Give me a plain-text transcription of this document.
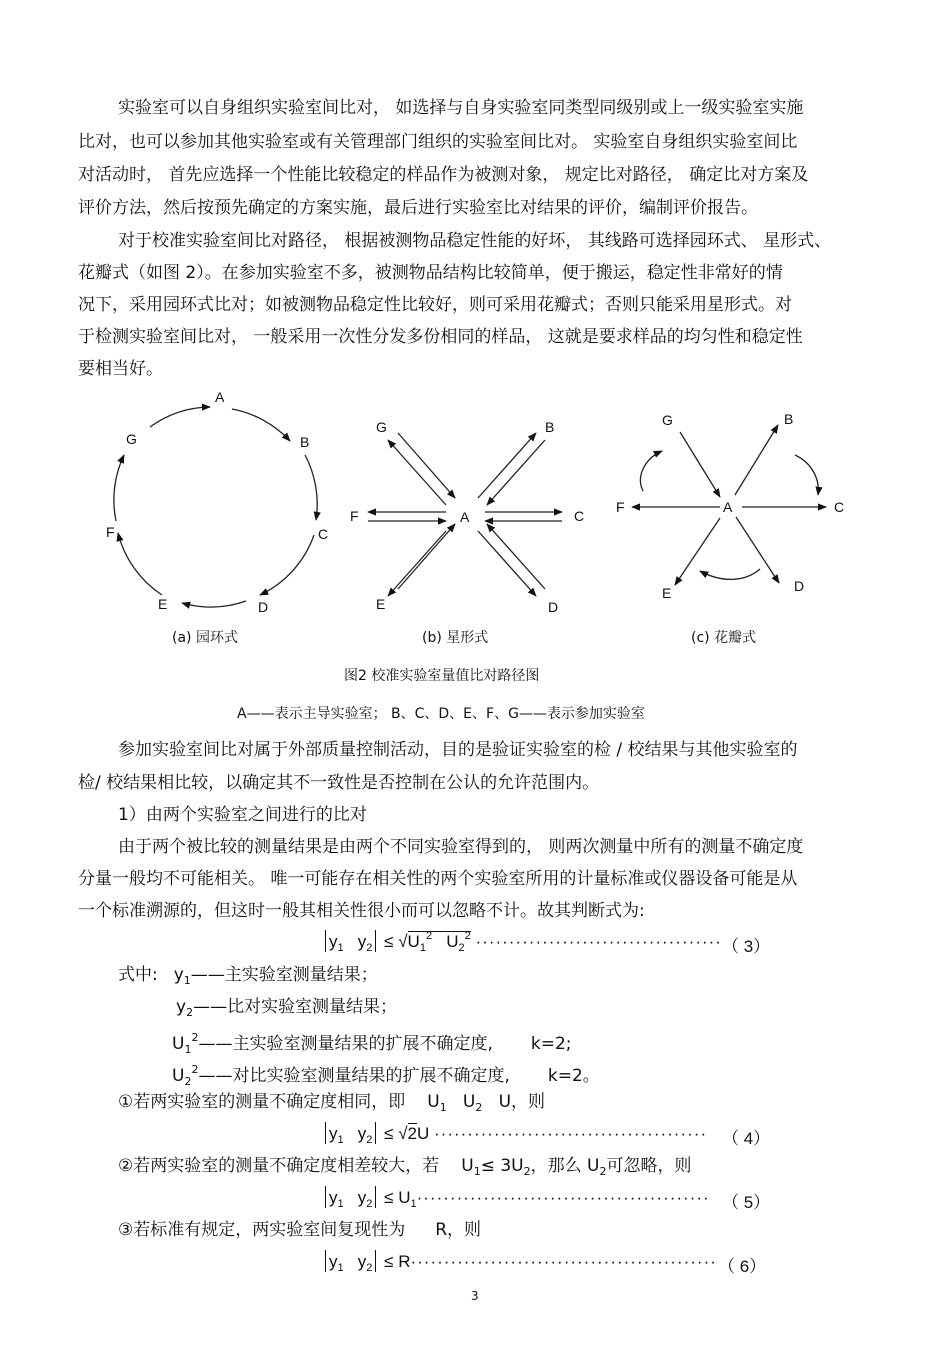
实验室可以自身组织实验室间比对， 如选择与自身实验室同类型同级别或上一级实验室实施
比对，也可以参加其他实验室或有关管理部门组织的实验室间比对。 实验室自身组织实验室间比
对活动时， 首先应选择一个性能比较稳定的样品作为被测对象， 规定比对路径， 确定比对方案及
评价方法，然后按预先确定的方案实施，最后进行实验室比对结果的评价，编制评价报告。
对于校准实验室间比对路径， 根据被测物品稳定性能的好坏， 其线路可选择园环式、 星形式、
花瓣式（如图 2）。在参加实验室不多，被测物品结构比较简单，便于搬运，稳定性非常好的情
况下，采用园环式比对；如被测物品稳定性比较好，则可采用花瓣式；否则只能采用星形式。对
于检测实验室间比对， 一般采用一次性分发多份相同的样品， 这就是要求样品的均匀性和稳定性
要相当好。
A
B
C
D
E
F
G
A
B
C
D
E
F
G
A
B
C
D
E
F
G
(a) 园环式	(b) 星形式	(c) 花瓣式
图2 校准实验室量值比对路径图
A——表示主导实验室； B、C、D、E、F、G——表示参加实验室
参加实验室间比对属于外部质量控制活动，目的是验证实验室的检 / 校结果与其他实验室的
检/ 校结果相比较，以确定其不一致性是否控制在公认的允许范围内。
1）由两个实验室之间进行的比对
由于两个被比较的测量结果是由两个不同实验室得到的， 则两次测量中所有的测量不确定度
分量一般均不可能相关。 唯一可能存在相关性的两个实验室所用的计量标准或仪器设备可能是从
一个标准溯源的，但这时一般其相关性很小而可以忽略不计。故其判断式为:
$y_1$   $y_2 \le √U_1^2$   $U_2^2$ ····································· （ 3）
式中: $y_1——$主实验室测量结果；
$y_2——$比对实验室测量结果；
$U_1^2——$主实验室测量结果的扩展不确定度, k=2;
$U_2^2——$对比实验室测量结果的扩展不确定度, k=2。
①若两实验室的测量不确定度相同，即 $U_1$   $U_2$   U，则
$y_1$   $y_2 \le √2U$ ········································· （ 4）
②若两实验室的测量不确定度相差较大，若 $U_1\le 3U_2$，那么 $U_2$可忽略，则
$y_1$   $y_2 \le U_1\cdot\cdot\cdot\cdot\cdot\cdot\cdot\cdot\cdot\cdot\cdot\cdot\cdot\cdot\cdot\cdot\cdot\cdot\cdot\cdot\cdot\cdot\cdot\cdot\cdot\cdot\cdot\cdot\cdot\cdot\cdot\cdot\cdot\cdot\cdot\cdot\cdot\cdot\cdot\cdot\cdot\cdot\cdot\cdot$ （ 5）
③若标准有规定，两实验室间复现性为 R，则
$y_1$   $y_2 \le R\cdot\cdot\cdot\cdot\cdot\cdot\cdot\cdot\cdot\cdot\cdot\cdot\cdot\cdot\cdot\cdot\cdot\cdot\cdot\cdot\cdot\cdot\cdot\cdot\cdot\cdot\cdot\cdot\cdot\cdot\cdot\cdot\cdot\cdot\cdot\cdot\cdot\cdot\cdot\cdot\cdot\cdot\cdot\cdot\cdot\cdot$ （ 6）
3
